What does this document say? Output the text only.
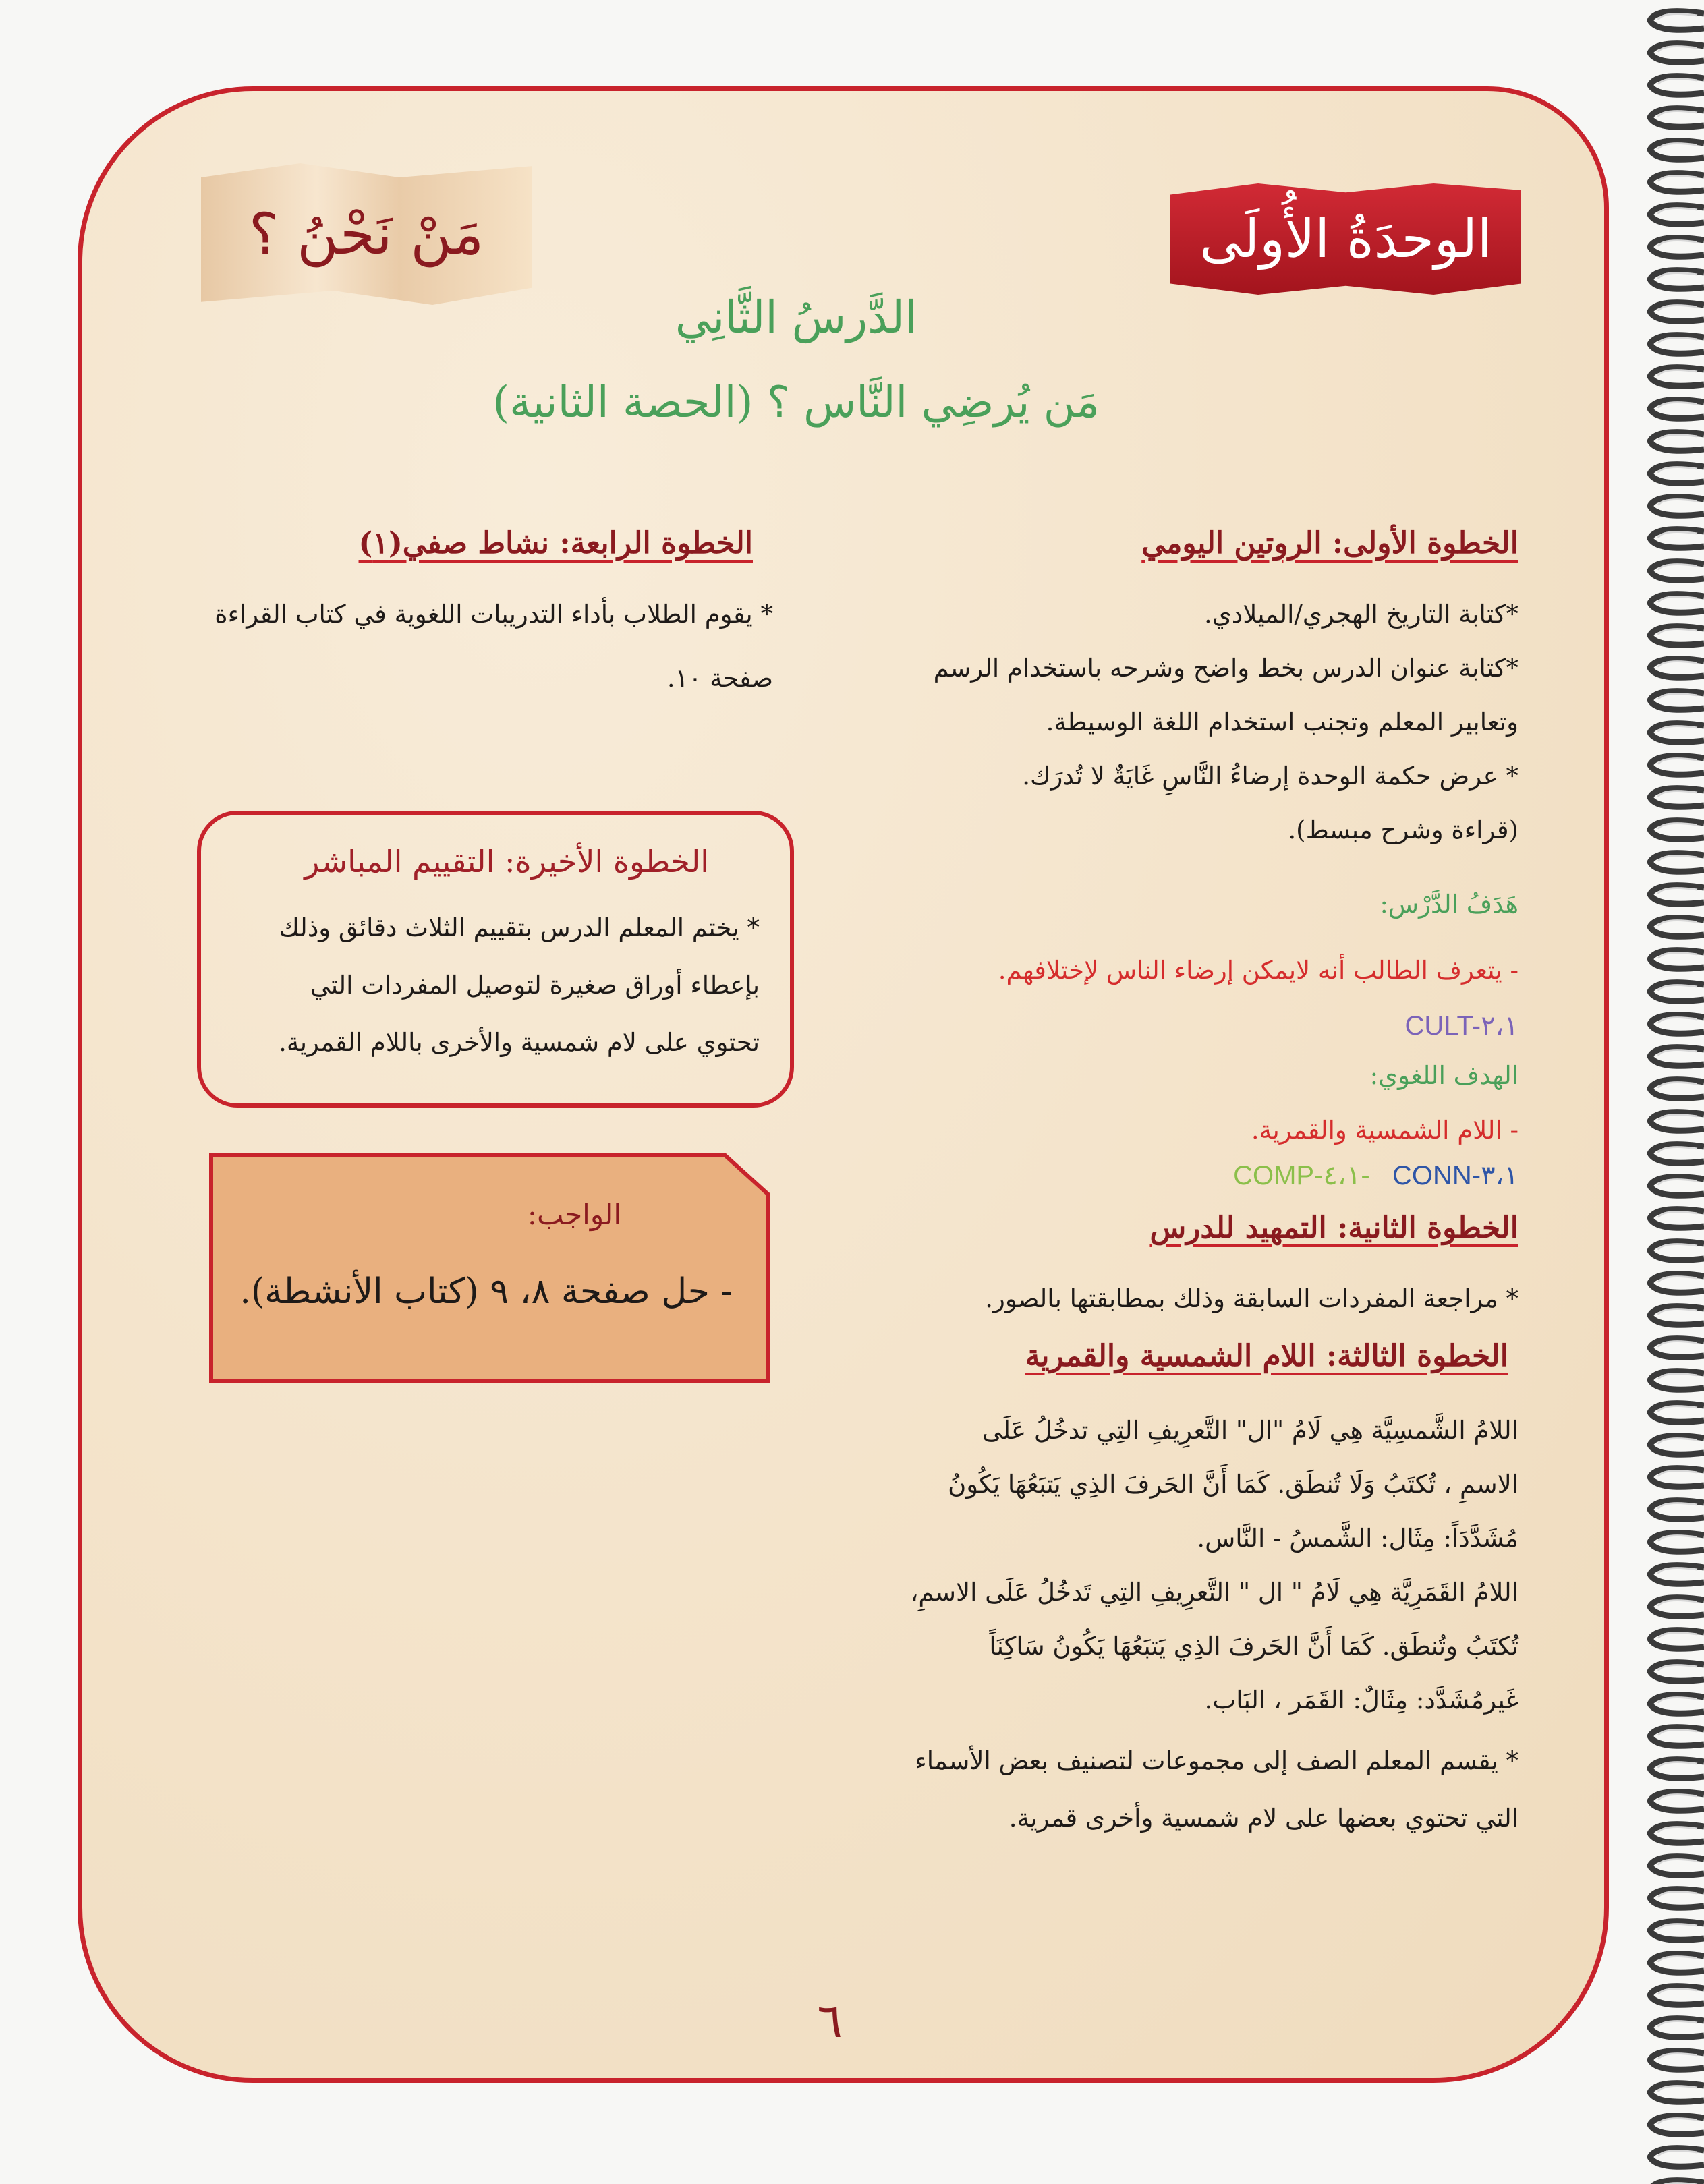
الوحدَةُ الأُولَى
مَنْ نَحْنُ ؟
الدَّرسُ الثَّانِي
مَن يُرضِي النَّاس ؟ (الحصة الثانية)
الخطوة الأولى: الروتين اليومي
*كتابة التاريخ الهجري/الميلادي.
*كتابة عنوان الدرس بخط واضح وشرحه باستخدام الرسم
وتعابير المعلم وتجنب استخدام اللغة الوسيطة.
* عرض حكمة الوحدة إرضاءُ النَّاسِ غَايَةٌ لا تُدرَك.
(قراءة وشرح مبسط).
هَدَفُ الدَّرْس:
- يتعرف الطالب أنه لايمكن إرضاء الناس لإختلافهم.
CULT-٢،١
الهدف اللغوي:
- اللام الشمسية والقمرية.
COMP-٤،١- CONN-٣،١
الخطوة الثانية: التمهيد للدرس
* مراجعة المفردات السابقة وذلك بمطابقتها بالصور.
الخطوة الثالثة: اللام الشمسية والقمرية
اللامُ الشَّمسِيَّة هِي لَامُ "ال" التَّعرِيفِ التِي تدخُلُ عَلَى
الاسمِ ، تُكتَبُ وَلَا تُنطَق. كَمَا أَنَّ الحَرفَ الذِي يَتبَعُهَا يَكُونُ
مُشَدَّدَاً: مِثَال: الشَّمسُ - النَّاس.
اللامُ القَمَرِيَّة هِي لَامُ " ال " التَّعرِيفِ التِي تَدخُلُ عَلَى الاسمِ،
تُكتَبُ وتُنطَق. كَمَا أَنَّ الحَرفَ الذِي يَتبَعُهَا يَكُونُ سَاكِنَاً
غَيرمُشَدَّد: مِثَالٌ: القَمَر ، البَاب.
* يقسم المعلم الصف إلى مجموعات لتصنيف بعض الأسماء
التي تحتوي بعضها على لام شمسية وأخرى قمرية.
الخطوة الرابعة: نشاط صفي(١)
* يقوم الطلاب بأداء التدريبات اللغوية في كتاب القراءة
صفحة ١٠.
الخطوة الأخيرة: التقييم المباشر
* يختم المعلم الدرس بتقييم الثلاث دقائق وذلك
بإعطاء أوراق صغيرة لتوصيل المفردات التي
تحتوي على لام شمسية والأخرى باللام القمرية.
الواجب:
- حل صفحة ٨، ٩ (كتاب الأنشطة).
٦
